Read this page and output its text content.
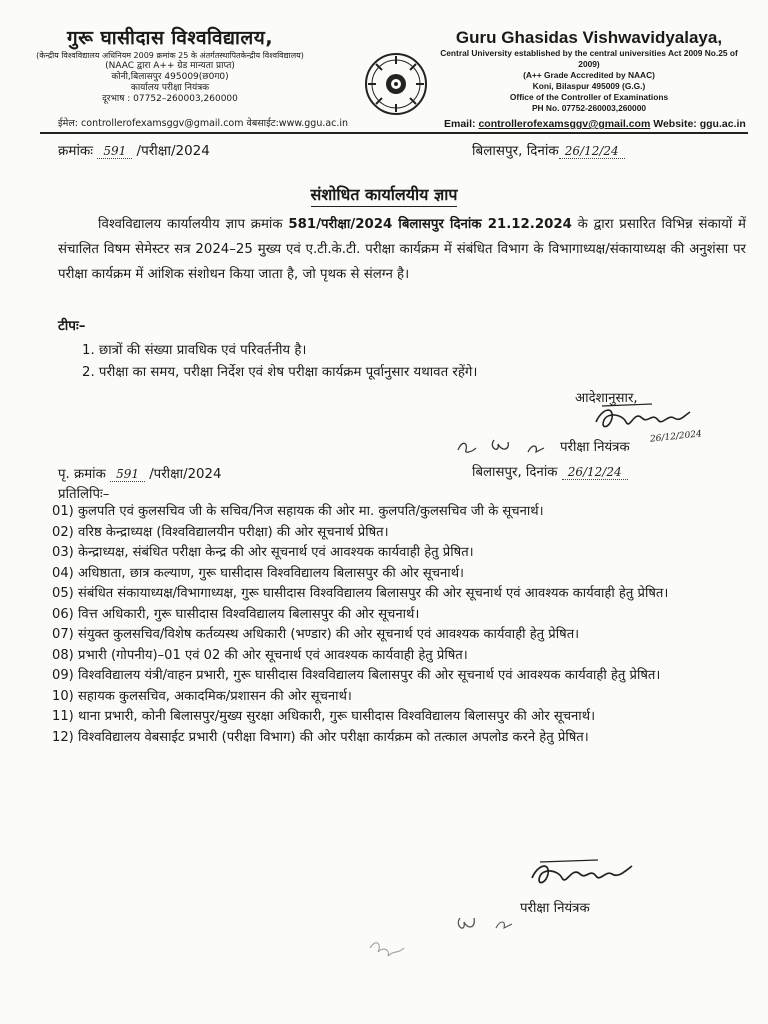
गुरू घासीदास विश्वविद्यालय,
(केन्द्रीय विश्वविद्यालय अधिनियम 2009 क्रमांक 25 के अंतर्गतस्थापितकेन्द्रीय विश्वविद्यालय)
(NAAC द्वारा A++ ग्रेड मान्यता प्राप्त)
कोनी,बिलासपुर 495009(छ0ग0)
कार्यालय परीक्षा नियंत्रक
दूरभाष : 07752–260003,260000
ईमेल: controllerofexamsggv@gmail.com वेबसाईट:www.ggu.ac.in
Guru Ghasidas Vishwavidyalaya,
Central University established by the central universities Act 2009 No.25 of 2009)
(A++ Grade Accredited by NAAC)
Koni, Bilaspur 495009 (G.G.)
Office of the Controller of Examinations
PH No. 07752-260003,260000
Email: controllerofexamsggv@gmail.com Website: ggu.ac.in
क्रमांकः 591 /परीक्षा/2024	बिलासपुर, दिनांक 26/12/24
संशोधित कार्यालयीय ज्ञाप
विश्वविद्यालय कार्यालयीय ज्ञाप क्रमांक 581/परीक्षा/2024 बिलासपुर दिनांक 21.12.2024 के द्वारा प्रसारित विभिन्न संकायों में संचालित विषम सेमेस्टर सत्र 2024–25 मुख्य एवं ए.टी.के.टी. परीक्षा कार्यक्रम में संबंधित विभाग के विभागाध्यक्ष/संकायाध्यक्ष की अनुशंसा पर परीक्षा कार्यक्रम में आंशिक संशोधन किया जाता है, जो पृथक से संलग्न है।
टीपः–
1. छात्रों की संख्या प्रावधिक एवं परिवर्तनीय है।
2. परीक्षा का समय, परीक्षा निर्देश एवं शेष परीक्षा कार्यक्रम पूर्वानुसार यथावत रहेंगे।
आदेशानुसार,
26/12/2024
परीक्षा नियंत्रक
पृ. क्रमांक 591 /परीक्षा/2024	बिलासपुर, दिनांक 26/12/24
प्रतिलिपिः–
01) कुलपति एवं कुलसचिव जी के सचिव/निज सहायक की ओर मा. कुलपति/कुलसचिव जी के सूचनार्थ।
02) वरिष्ठ केन्द्राध्यक्ष (विश्वविद्यालयीन परीक्षा) की ओर सूचनार्थ प्रेषित।
03) केन्द्राध्यक्ष, संबंधित परीक्षा केन्द्र की ओर सूचनार्थ एवं आवश्यक कार्यवाही हेतु प्रेषित।
04) अधिष्ठाता, छात्र कल्याण, गुरू घासीदास विश्वविद्यालय बिलासपुर की ओर सूचनार्थ।
05) संबंधित संकायाध्यक्ष/विभागाध्यक्ष, गुरू घासीदास विश्वविद्यालय बिलासपुर की ओर सूचनार्थ एवं आवश्यक कार्यवाही हेतु प्रेषित।
06) वित्त अधिकारी, गुरू घासीदास विश्वविद्यालय बिलासपुर की ओर सूचनार्थ।
07) संयुक्त कुलसचिव/विशेष कर्तव्यस्थ अधिकारी (भण्डार) की ओर सूचनार्थ एवं आवश्यक कार्यवाही हेतु प्रेषित।
08) प्रभारी (गोपनीय)–01 एवं 02 की ओर सूचनार्थ एवं आवश्यक कार्यवाही हेतु प्रेषित।
09) विश्वविद्यालय यंत्री/वाहन प्रभारी, गुरू घासीदास विश्वविद्यालय बिलासपुर की ओर सूचनार्थ एवं आवश्यक कार्यवाही हेतु प्रेषित।
10) सहायक कुलसचिव, अकादमिक/प्रशासन की ओर सूचनार्थ।
11) थाना प्रभारी, कोनी बिलासपुर/मुख्य सुरक्षा अधिकारी, गुरू घासीदास विश्वविद्यालय बिलासपुर की ओर सूचनार्थ।
12) विश्वविद्यालय वेबसाईट प्रभारी (परीक्षा विभाग) की ओर परीक्षा कार्यक्रम को तत्काल अपलोड करने हेतु प्रेषित।
परीक्षा नियंत्रक
